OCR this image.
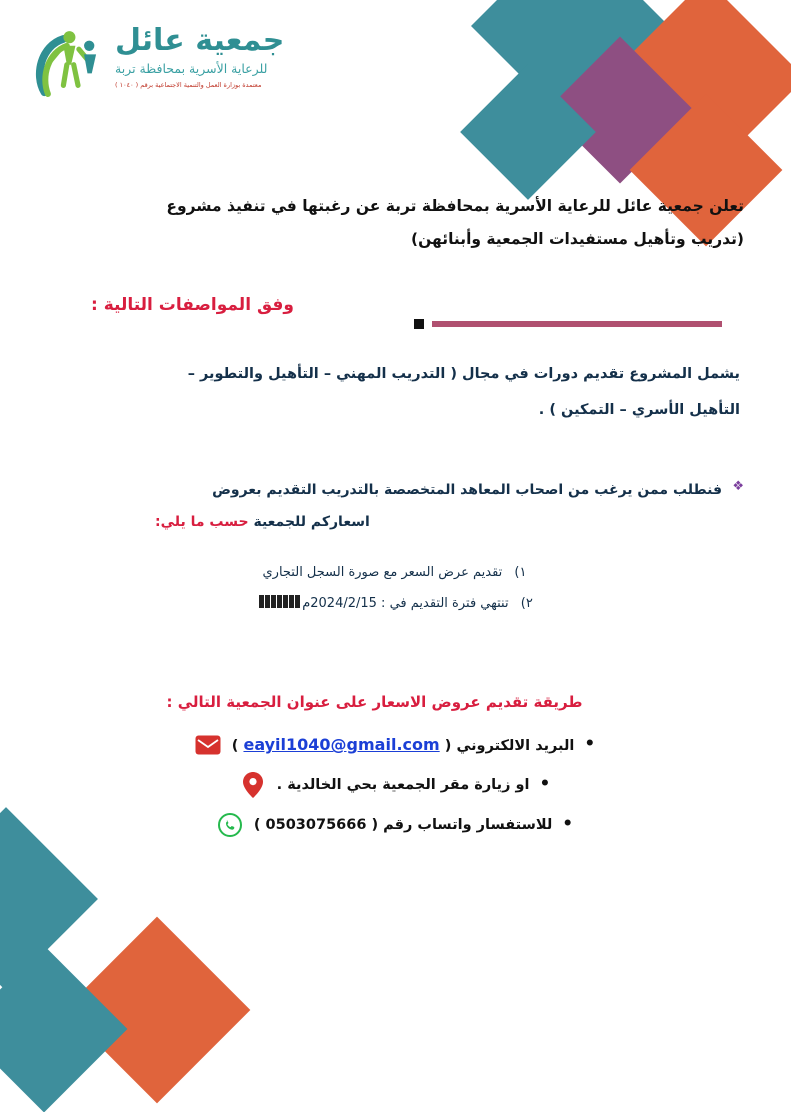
جمعية عائل
للرعاية الأسرية بمحافظة تربة
معتمدة بوزارة العمل والتنمية الاجتماعية برقم ( ١٠٤٠ )
تعلن جمعية عائل للرعاية الأسرية بمحافظة تربة عن رغبتها في تنفيذ مشروع
(تدريب وتأهيل مستفيدات الجمعية وأبنائهن)
وفق المواصفات التالية :
يشمل المشروع تقديم دورات في مجال ( التدريب المهني – التأهيل والتطوير –
التأهيل الأسري – التمكين ) .
❖
فنطلب ممن يرغب من اصحاب المعاهد المتخصصة بالتدريب التقديم بعروض
اسعاركم للجمعية حسب ما يلي:
١) تقديم عرض السعر مع صورة السجل التجاري
٢) تنتهي فترة التقديم في : 2024/2/15م
طريقة تقديم عروض الاسعار على عنوان الجمعية التالي :
•
البريد الالكتروني ( eayil1040@gmail.com )
•
او زيارة مقر الجمعية بحي الخالدية .
•
للاستفسار واتساب رقم ( 0503075666 )
